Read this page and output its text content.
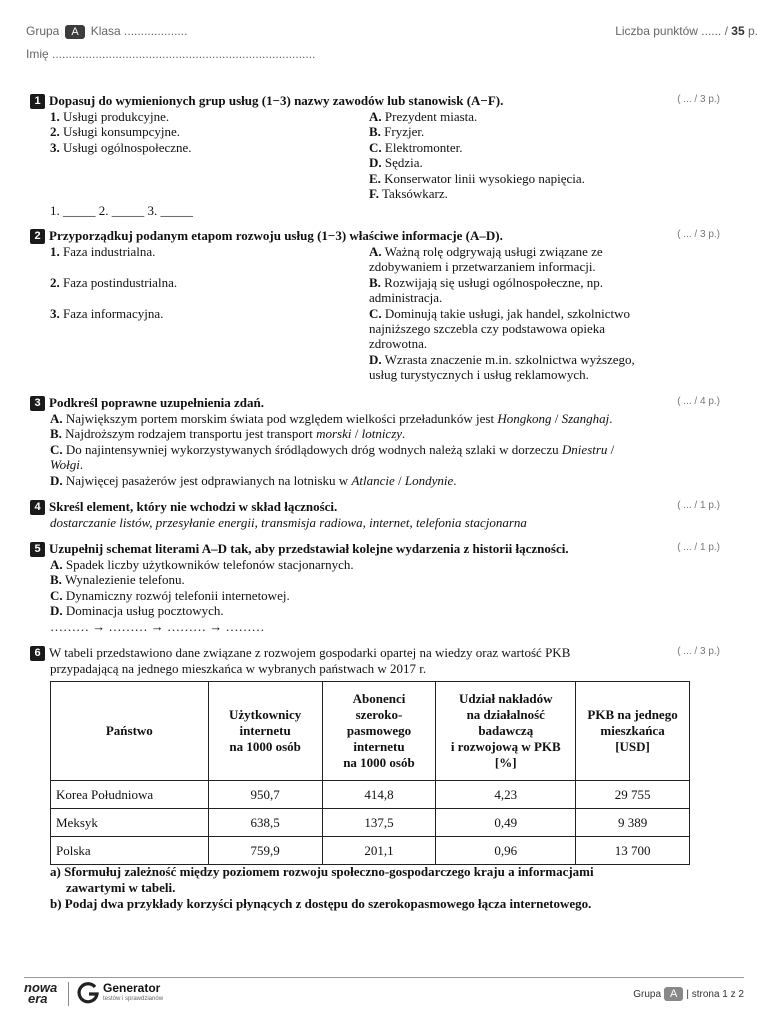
Grupa A Klasa ...................
Imię ...............................................................................
Liczba punktów ...... / 35 p.
1 Dopasuj do wymienionych grup usług (1−3) nazwy zawodów lub stanowisk (A−F).	( ... / 3 p.)
1. Usługi produkcyjne.
2. Usługi konsumpcyjne.
3. Usługi ogólnospołeczne.
A. Prezydent miasta.
B. Fryzjer.
C. Elektromonter.
D. Sędzia.
E. Konserwator linii wysokiego napięcia.
F. Taksówkarz.
1. _____ 2. _____ 3. _____
2 Przyporządkuj podanym etapom rozwoju usług (1−3) właściwe informacje (A–D).	( ... / 3 p.)
1. Faza industrialna.
2. Faza postindustrialna.
3. Faza informacyjna.
A. Ważną rolę odgrywają usługi związane ze
zdobywaniem i przetwarzaniem informacji.
B. Rozwijają się usługi ogólnospołeczne, np.
administracja.
C. Dominują takie usługi, jak handel, szkolnictwo
najniższego szczebla czy podstawowa opieka
zdrowotna.
D. Wzrasta znaczenie m.in. szkolnictwa wyższego,
usług turystycznych i usług reklamowych.
3 Podkreśl poprawne uzupełnienia zdań.	( ... / 4 p.)
A. Największym portem morskim świata pod względem wielkości przeładunków jest Hongkong / Szanghaj.
B. Najdroższym rodzajem transportu jest transport morski / lotniczy.
C. Do najintensywniej wykorzystywanych śródlądowych dróg wodnych należą szlaki w dorzeczu Dniestru /
Wołgi.
D. Najwięcej pasażerów jest odprawianych na lotnisku w Atlancie / Londynie.
4 Skreśl element, który nie wchodzi w skład łączności.	( ... / 1 p.)
dostarczanie listów, przesyłanie energii, transmisja radiowa, internet, telefonia stacjonarna
5 Uzupełnij schemat literami A–D tak, aby przedstawiał kolejne wydarzenia z historii łączności.	( ... / 1 p.)
A. Spadek liczby użytkowników telefonów stacjonarnych.
B. Wynalezienie telefonu.
C. Dynamiczny rozwój telefonii internetowej.
D. Dominacja usług pocztowych.
……… → ……… → ……… → ………
6 W tabeli przedstawiono dane związane z rozwojem gospodarki opartej na wiedzy oraz wartość PKB
przypadającą na jednego mieszkańca w wybranych państwach w 2017 r.
( ... / 3 p.)
Państwo	Użytkownicy
internetu
na 1000 osób	Abonenci
szeroko-
pasmowego
internetu
na 1000 osób	Udział nakładów
na działalność
badawczą
i rozwojową w PKB
[%]	PKB na jednego
mieszkańca
[USD]
Korea Południowa	950,7	414,8	4,23	29 755
Meksyk	638,5	137,5	0,49	9 389
Polska	759,9	201,1	0,96	13 700
a) Sformułuj zależność między poziomem rozwoju społeczno-gospodarczego kraju a informacjami
zawartymi w tabeli.
b) Podaj dwa przykłady korzyści płynących z dostępu do szerokopasmowego łącza internetowego.
nowa
era
Generator
testów i sprawdzianów	Grupa A | strona 1 z 2
